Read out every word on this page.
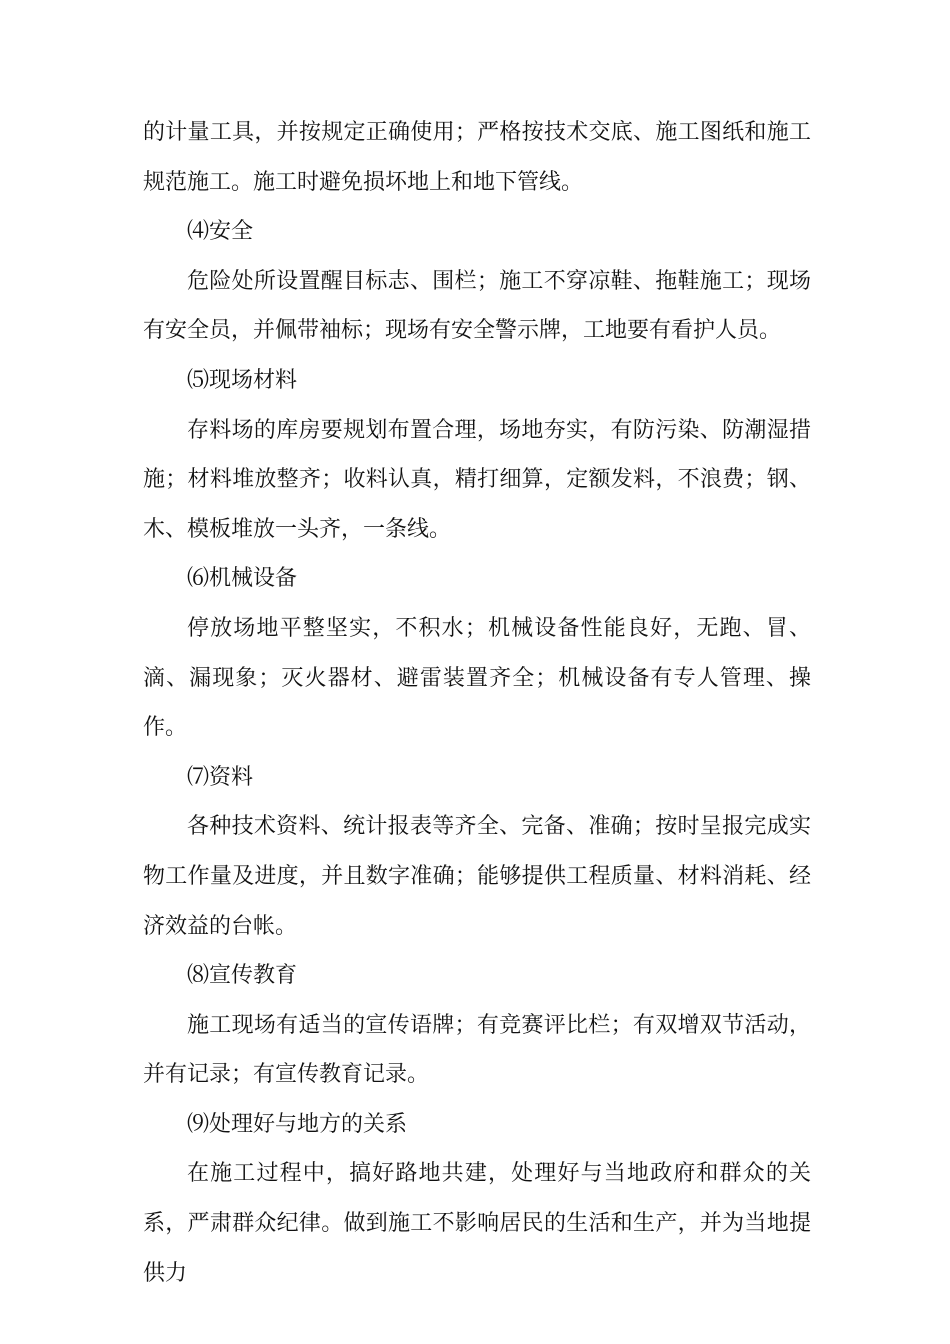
的计量工具，并按规定正确使用；严格按技术交底、施工图纸和施工规范施工。施工时避免损坏地上和地下管线。

⑷安全

危险处所设置醒目标志、围栏；施工不穿凉鞋、拖鞋施工；现场有安全员，并佩带袖标；现场有安全警示牌，工地要有看护人员。

⑸现场材料

存料场的库房要规划布置合理，场地夯实，有防污染、防潮湿措施；材料堆放整齐；收料认真，精打细算，定额发料，不浪费；钢、木、模板堆放一头齐，一条线。

⑹机械设备

停放场地平整坚实，不积水；机械设备性能良好，无跑、冒、滴、漏现象；灭火器材、避雷装置齐全；机械设备有专人管理、操作。

⑺资料

各种技术资料、统计报表等齐全、完备、准确；按时呈报完成实物工作量及进度，并且数字准确；能够提供工程质量、材料消耗、经济效益的台帐。

⑻宣传教育

施工现场有适当的宣传语牌；有竞赛评比栏；有双增双节活动，并有记录；有宣传教育记录。

⑼处理好与地方的关系

在施工过程中，搞好路地共建，处理好与当地政府和群众的关系，严肃群众纪律。做到施工不影响居民的生活和生产，并为当地提供力
